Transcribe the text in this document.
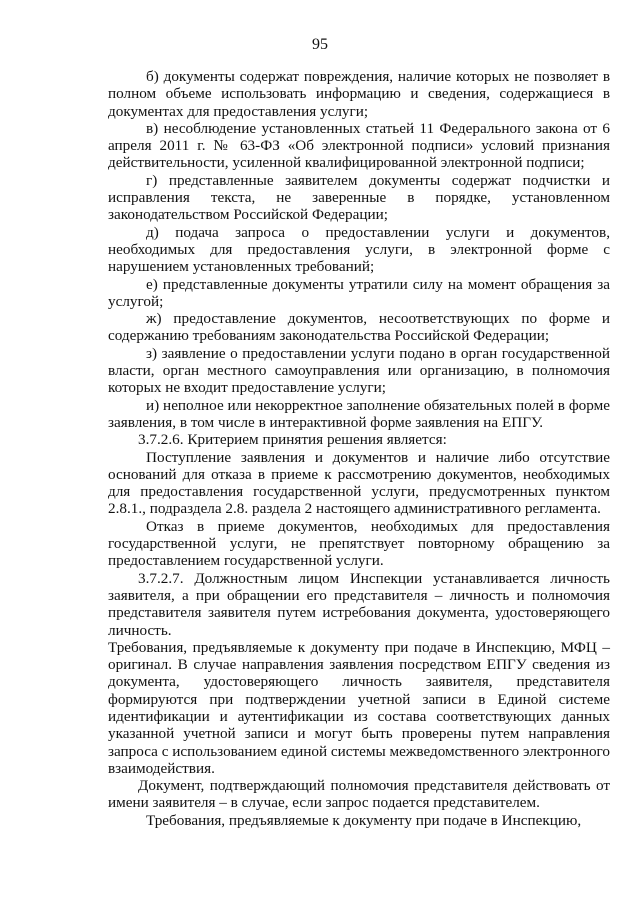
95

б) документы содержат повреждения, наличие которых не позволяет в полном объеме использовать информацию и сведения, содержащиеся в документах для предоставления услуги;

в) несоблюдение установленных статьей 11 Федерального закона от 6 апреля 2011 г. № 63-ФЗ «Об электронной подписи» условий признания действительности, усиленной квалифицированной электронной подписи;

г) представленные заявителем документы содержат подчистки и исправления текста, не заверенные в порядке, установленном законодательством Российской Федерации;

д) подача запроса о предоставлении услуги и документов, необходимых для предоставления услуги, в электронной форме с нарушением установленных требований;

е) представленные документы утратили силу на момент обращения за услугой;

ж) предоставление документов, несоответствующих по форме и содержанию требованиям законодательства Российской Федерации;

з) заявление о предоставлении услуги подано в орган государственной власти, орган местного самоуправления или организацию, в полномочия которых не входит предоставление услуги;

и) неполное или некорректное заполнение обязательных полей в форме заявления, в том числе в интерактивной форме заявления на ЕПГУ.

3.7.2.6. Критерием принятия решения является:

Поступление заявления и документов и наличие либо отсутствие оснований для отказа в приеме к рассмотрению документов, необходимых для предоставления государственной услуги, предусмотренных пунктом 2.8.1., подраздела 2.8. раздела 2 настоящего административного регламента.

Отказ в приеме документов, необходимых для предоставления государственной услуги, не препятствует повторному обращению за предоставлением государственной услуги.

3.7.2.7. Должностным лицом Инспекции устанавливается личность заявителя, а при обращении его представителя – личность и полномочия представителя заявителя путем истребования документа, удостоверяющего личность.

Требования, предъявляемые к документу при подаче в Инспекцию, МФЦ – оригинал. В случае направления заявления посредством ЕПГУ сведения из документа, удостоверяющего личность заявителя, представителя формируются при подтверждении учетной записи в Единой системе идентификации и аутентификации из состава соответствующих данных указанной учетной записи и могут быть проверены путем направления запроса с использованием единой системы межведомственного электронного взаимодействия.

Документ, подтверждающий полномочия представителя действовать от имени заявителя – в случае, если запрос подается представителем.

Требования, предъявляемые к документу при подаче в Инспекцию,
